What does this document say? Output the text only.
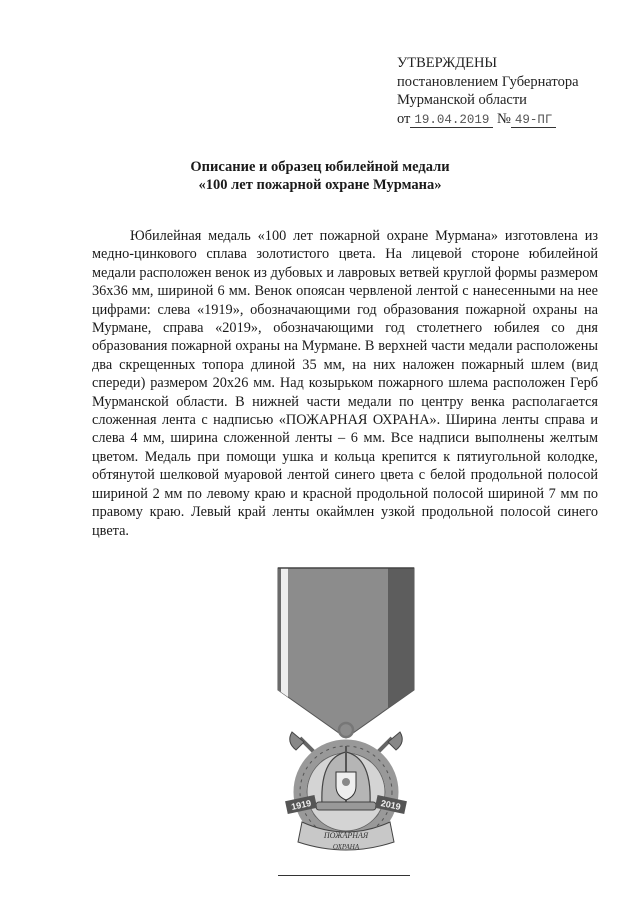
УТВЕРЖДЕНЫ
постановлением Губернатора
Мурманской области
от 19.04.2019 № 49-ПГ
Описание и образец юбилейной медали
«100 лет пожарной охране Мурмана»

Юбилейная медаль «100 лет пожарной охране Мурмана» изготовлена из медно-цинкового сплава золотистого цвета. На лицевой стороне юбилейной медали расположен венок из дубовых и лавровых ветвей круглой формы размером 36x36 мм, шириной 6 мм. Венок опоясан червленой лентой с нанесенными на нее цифрами: слева «1919», обозначающими год образования пожарной охраны на Мурмане, справа «2019», обозначающими год столетнего юбилея со дня образования пожарной охраны на Мурмане. В верхней части медали расположены два скрещенных топора длиной 35 мм, на них наложен пожарный шлем (вид спереди) размером 20x26 мм. Над козырьком пожарного шлема расположен Герб Мурманской области. В нижней части медали по центру венка располагается сложенная лента с надписью «ПОЖАРНАЯ ОХРАНА». Ширина ленты справа и слева 4 мм, ширина сложенной ленты – 6 мм. Все надписи выполнены желтым цветом. Медаль при помощи ушка и кольца крепится к пятиугольной колодке, обтянутой шелковой муаровой лентой синего цвета с белой продольной полосой шириной 2 мм по левому краю и красной продольной полосой шириной 7 мм по правому краю. Левый край ленты окаймлен узкой продольной полосой синего цвета.

1919	2019
ПОЖАРНАЯ
ОХРАНА
